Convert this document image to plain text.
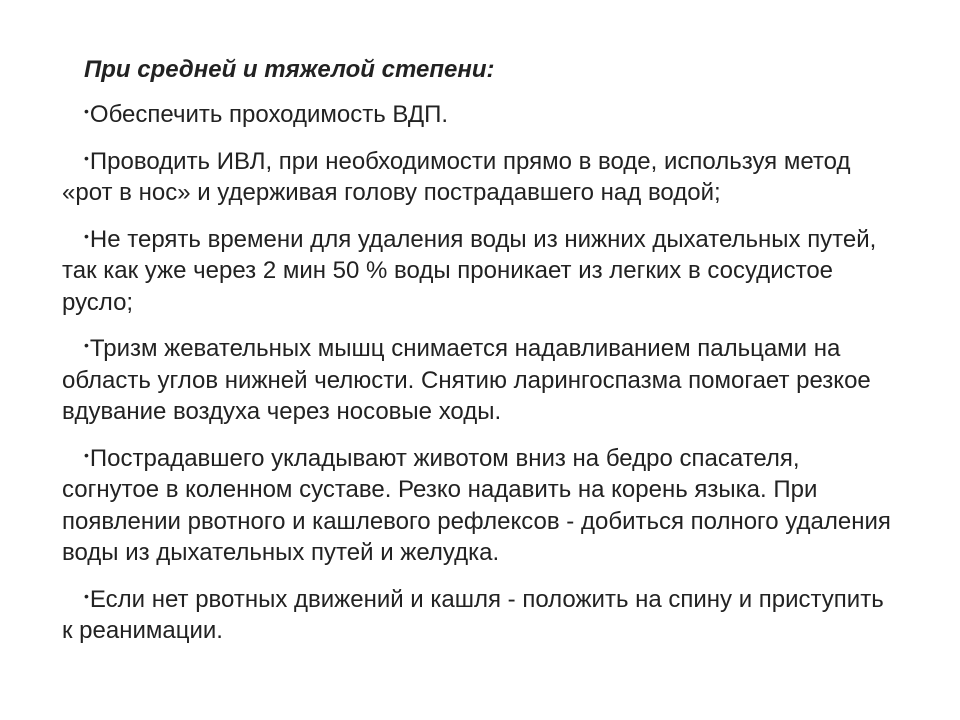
При средней и тяжелой степени:
•Обеспечить проходимость ВДП.
•Проводить ИВЛ, при необходимости прямо в воде, используя метод «рот в нос» и удерживая голову пострадавшего над водой;
•Не терять времени для удаления воды из нижних дыхательных путей, так как уже через 2 мин 50 % воды проникает из легких в сосудистое русло;
•Тризм жевательных мышц снимается надавливанием пальцами на область углов нижней челюсти. Снятию ларингоспазма помогает резкое вдувание воздуха через носовые ходы.
•Пострадавшего укладывают животом вниз на бедро спасателя, согнутое в коленном суставе. Резко надавить на корень языка. При появлении рвотного и кашлевого рефлексов - добиться полного удаления воды из дыхательных путей и желудка.
•Если нет рвотных движений и кашля - положить на спину и приступить к реанимации.
